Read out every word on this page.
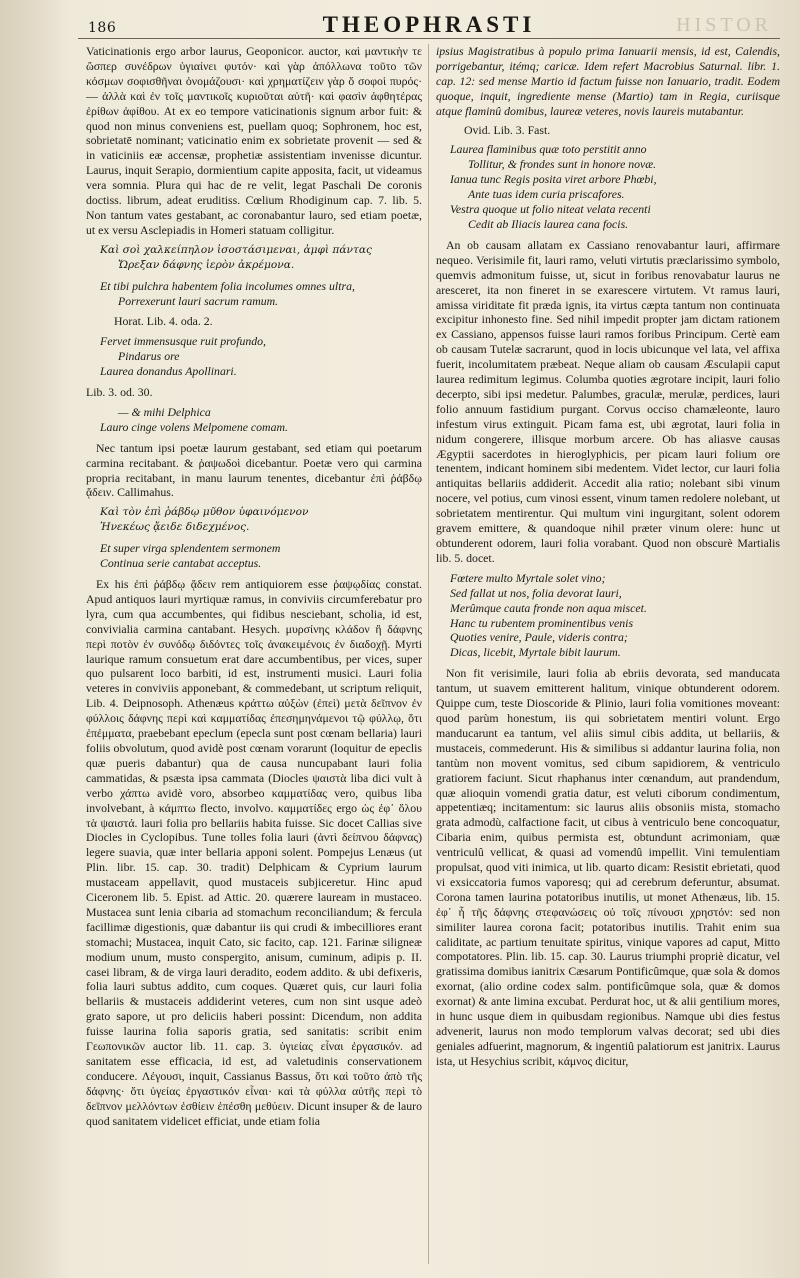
186	THEOPHRASTI	HISTOR

Vaticinationis ergo arbor laurus, Geoponicor. auctor, καὶ μαντικὴν τε ὥσπερ συνέδρων ὑγιαίνει φυτόν· καὶ γὰρ ἀπόλλωνα τοῦτο τῶν κόσμων σοφισθῆναι ὀνομάζουσι· καὶ χρηματίζειν γὰρ ὅ σοφοὶ πυρός· — ἀλλὰ καὶ ἐν τοῖς μαντικοῖς κυριοῦται αὐτῆ· καὶ φασὶν ἀφθητέρας ἐρίθων ἀφίθου. At ex eo tempore vaticinationis signum arbor fuit: & quod non minus conveniens est, puellam quoq; Sophronem, hoc est, sobrietatē nominant; vaticinatio enim ex sobrietate provenit — sed & in vaticiniis eæ accensæ, prophetiæ assistentiam invenisse dicuntur. Laurus, inquit Serapio, dormientium capite apposita, facit, ut videamus vera somnia. Plura qui hac de re velit, legat Paschali De coronis doctiss. librum, adeat eruditiss. Cœlium Rhodiginum cap. 7. lib. 5. Non tantum vates gestabant, ac coronabantur lauro, sed etiam poetæ, ut ex versu Asclepiadis in Homeri statuam colligitur.

Καὶ σοὶ χαλκείπηλον ἰσοστάσιμεναι, ἀμφὶ πάντας
Ὤρεξαν δάφνης ἱερὸν ἀκρέμονα.
Et tibi pulchra habentem folia incolumes omnes ultra,
Porrexerunt lauri sacrum ramum.
Horat. Lib. 4. oda. 2.
Fervet immensusque ruit profundo,
Pindarus ore
Laurea donandus Apollinari.
Lib. 3. od. 30.
— & mihi Delphica
Lauro cinge volens Melpomene comam.

Nec tantum ipsi poetæ laurum gestabant, sed etiam qui poetarum carmina recitabant. & ῥαψωδοὶ dicebantur. Poetæ vero qui carmina propria recitabant, in manu laurum tenentes, dicebantur ἐπὶ ῥάβδῳ ᾄδειν. Callimahus.

Καὶ τὸν ἐπὶ ῥάβδῳ μῦθον ὑφαινόμενον
Ἠνεκέως ᾄειδε διδεχμένος.
Et super virga splendentem sermonem
Continua serie cantabat acceptus.

Ex his ἐπὶ ῥάβδῳ ᾄδειν rem antiquiorem esse ῥαψῳδίας constat. Apud antiquos lauri myrtiquæ ramus, in conviviis circumferebatur pro lyra, cum qua accumbentes, qui fidibus nesciebant, scholia, id est, convivialia carmina cantabant. Hesych. μυρσίνης κλάδον ἢ δάφνης περὶ ποτὸν ἐν συνόδῳ διδόντες τοῖς ἀνακειμένοις ἐν διαδοχῇ. Myrti laurique ramum consuetum erat dare accumbentibus, per vices, super quo pulsarent loco barbiti, id est, instrumenti musici. Lauri folia veteres in conviviis apponebant, & commedebant, ut scriptum reliquit, Lib. 4. Deipnosoph. Athenæus κράττω αὐξὼν (ἐπεὶ) μετὰ δεῖπνον ἐν φύλλοις δάφνης περὶ καὶ καμματίδας ἐπεσημηνάμενοι τῷ φύλλῳ, ὅτι ἐπέμματα, praebebant epeclum (epecla sunt post cœnam bellaria) lauri foliis obvolutum, quod avidè post cœnam vorarunt (loquitur de epeclis quæ pueris dabantur) qua de causa nuncupabant lauri folia cammatidas, & psæsta ipsa cammata (Diocles ψαιστὰ liba dici vult à verbo χάπτω avidè voro, absorbeo καμματίδας vero, quibus liba involvebant, à κάμπτω flecto, involvo. καμματίδες ergo ὡς ἐφ᾿ ὅλου τὰ ψαιστά. lauri folia pro bellariis habita fuisse. Sic docet Callias sive Diocles in Cyclopibus. Tune tolles folia lauri (ἀντὶ δείπνου δάφνας) legere suavia, quæ inter bellaria apponi solent. Pompejus Lenæus (ut Plin. libr. 15. cap. 30. tradit) Delphicam & Cyprium laurum mustaceam appellavit, quod mustaceis subjiceretur. Hinc apud Ciceronem lib. 5. Epist. ad Attic. 20. quærere lauream in mustaceo. Mustacea sunt lenia cibaria ad stomachum reconciliandum; & fercula facillimæ digestionis, quæ dabantur iis qui crudi & imbecilliores erant stomachi; Mustacea, inquit Cato, sic facito, cap. 121. Farinæ siligneæ modium unum, musto conspergito, anisum, cuminum, adipis p. II. casei libram, & de virga lauri deradito, eodem addito. & ubi defixeris, folia lauri subtus addito, cum coques. Quæret quis, cur lauri folia bellariis & mustaceis addiderint veteres, cum non sint usque adeò grato sapore, ut pro deliciis haberi possint: Dicendum, non addita fuisse laurina folia saporis gratia, sed sanitatis: scribit enim Γεωπονικῶν auctor lib. 11. cap. 3. ὑγιείας εἶναι ἐργασικόν. ad sanitatem esse efficacia, id est, ad valetudinis conservationem conducere. Λέγουσι, inquit, Cassianus Bassus, ὅτι καὶ τοῦτο ἀπὸ τῆς δάφνης· ὅτι ὑγείας ἐργαστικόν εἶναι· καὶ τὰ φύλλα αὐτῆς περὶ τὸ δεῖπνον μελλόντων ἐσθίειν ἐπέσθη μεθύειν. Dicunt insuper & de lauro quod sanitatem videlicet efficiat, unde etiam folia

ipsius Magistratibus à populo prima Ianuarii mensis, id est, Calendis, porrigebantur, itémq; caricæ. Idem refert Macrobius Saturnal. libr. 1. cap. 12: sed mense Martio id factum fuisse non Ianuario, tradit. Eodem quoque, inquit, ingrediente mense (Martio) tam in Regia, curiisque atque flaminû domibus, laureæ veteres, novis laureis mutabantur.

Ovid. Lib. 3. Fast.
Laurea flaminibus quæ toto perstitit anno
Tollitur, & frondes sunt in honore novæ.
Ianua tunc Regis posita viret arbore Phœbi,
Ante tuas idem curia priscafores.
Vestra quoque ut folio niteat velata recenti
Cedit ab Iliacis laurea cana focis.

An ob causam allatam ex Cassiano renovabantur lauri, affirmare nequeo. Verisimile fit, lauri ramo, veluti virtutis præclarissimo symbolo, quemvis admonitum fuisse, ut, sicut in foribus renovabatur laurus ne aresceret, ita non fineret in se exarescere virtutem. Vt ramus lauri, amissa viriditate fit præda ignis, ita virtus cæpta tantum non continuata excipitur inhonesto fine. Sed nihil impedit propter jam dictam rationem ex Cassiano, appensos fuisse lauri ramos foribus Principum. Certè eam ob causam Tutelæ sacrarunt, quod in locis ubicunque vel lata, vel affixa fuerit, incolumitatem præbeat. Neque aliam ob causam Æsculapii caput laurea redimitum legimus. Columba quoties ægrotare incipit, lauri folio decerpto, sibi ipsi medetur. Palumbes, graculæ, merulæ, perdices, lauri folio annuum fastidium purgant. Corvus occiso chamæleonte, lauro infestum virus extinguit. Picam fama est, ubi ægrotat, lauri folia in nidum congerere, illisque morbum arcere. Ob has aliasve causas Ægyptii sacerdotes in hieroglyphicis, per picam lauri folium ore tenentem, indicant hominem sibi medentem. Videt lector, cur lauri folia antiquitas bellariis addiderit. Accedit alia ratio; nolebant sibi vinum nocere, vel potius, cum vinosi essent, vinum tamen redolere nolebant, ut sobrietatem mentirentur. Qui multum vini ingurgitant, solent odorem gravem emittere, & quandoque nihil præter vinum olere: hunc ut obtunderent odorem, lauri folia vorabant. Quod non obscurè Martialis lib. 5. docet.

Fœtere multo Myrtale solet vino;
Sed fallat ut nos, folia devorat lauri,
Merûmque cauta fronde non aqua miscet.
Hanc tu rubentem prominentibus venis
Quoties venire, Paule, videris contra;
Dicas, licebit, Myrtale bibit laurum.

Non fit verisimile, lauri folia ab ebriis devorata, sed manducata tantum, ut suavem emitterent halitum, vinique obtunderent odorem. Quippe cum, teste Dioscoride & Plinio, lauri folia vomitiones moveant: quod parùm honestum, iis qui sobrietatem mentiri volunt. Ergo manducarunt ea tantum, vel aliis simul cibis addita, ut bellariis, & mustaceis, commederunt. His & similibus si addantur laurina folia, non tantùm non movent vomitus, sed cibum sapidiorem, & ventriculo gratiorem faciunt. Sicut rhaphanus inter cœnandum, aut prandendum, quæ alioquin vomendi gratia datur, est veluti ciborum condimentum, appetentiæq; incitamentum: sic laurus aliis obsoniis mista, stomacho grata admodù, calfactione facit, ut cibus à ventriculo bene concoquatur, Cibaria enim, quibus permista est, obtundunt acrimoniam, quæ ventriculû vellicat, & quasi ad vomendû impellit. Vini temulentiam propulsat, quod viti inimica, ut lib. quarto dicam: Resistit ebrietati, quod vi exsiccatoria fumos vaporesq; qui ad cerebrum deferuntur, absumat. Corona tamen laurina potatoribus inutilis, ut monet Athenæus, lib. 15. ἐφ᾿ ἧ τῆς δάφνης στεφανώσεις οὐ τοῖς πίνουσι χρηστόν: sed non similiter laurea corona facit; potatoribus inutilis. Trahit enim sua caliditate, ac partium tenuitate spiritus, vinique vapores ad caput, Mitto compotatores. Plin. lib. 15. cap. 30. Laurus triumphi propriè dicatur, vel gratissima domibus ianitrix Cæsarum Pontificûmque, quæ sola & domos exornat, (alio ordine codex salm. pontificûmque sola, quæ & domos exornat) & ante limina excubat. Perdurat hoc, ut & alii gentilium mores, in hunc usque diem in quibusdam regionibus. Namque ubi dies festus advenerit, laurus non modo templorum valvas decorat; sed ubi dies geniales adfuerint, magnorum, & ingentiû palatiorum est janitrix. Laurus ista, ut Hesychius scribit, κάμνος dicitur,
